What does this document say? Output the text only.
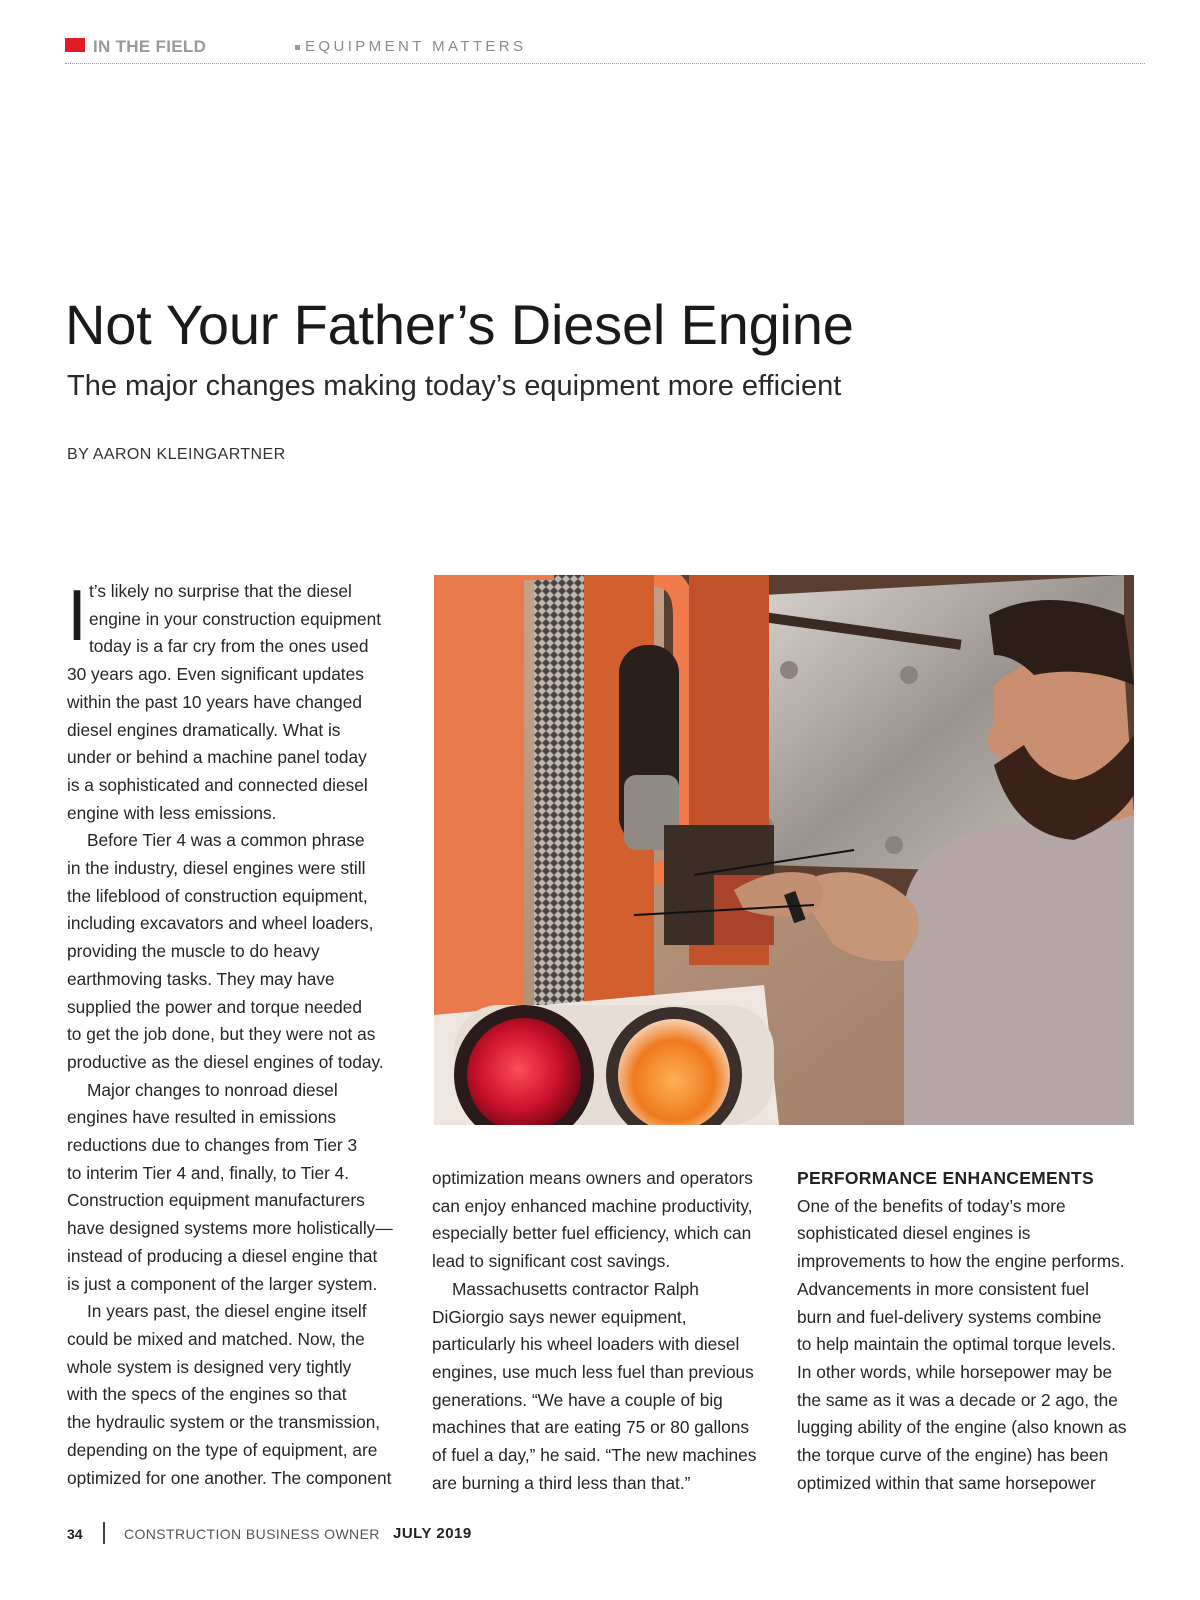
IN THE FIELD	EQUIPMENT MATTERS
Not Your Father’s Diesel Engine
The major changes making today’s equipment more efficient
BY AARON KLEINGARTNER
I t’s likely no surprise that the diesel
engine in your construction equipment
today is a far cry from the ones used
30 years ago. Even significant updates
within the past 10 years have changed
diesel engines dramatically. What is
under or behind a machine panel today
is a sophisticated and connected diesel
engine with less emissions.
Before Tier 4 was a common phrase
in the industry, diesel engines were still
the lifeblood of construction equipment,
including excavators and wheel loaders,
providing the muscle to do heavy
earthmoving tasks. They may have
supplied the power and torque needed
to get the job done, but they were not as
productive as the diesel engines of today.
Major changes to nonroad diesel
engines have resulted in emissions
reductions due to changes from Tier 3
to interim Tier 4 and, finally, to Tier 4.
Construction equipment manufacturers
have designed systems more holistically—
instead of producing a diesel engine that
is just a component of the larger system.
In years past, the diesel engine itself
could be mixed and matched. Now, the
whole system is designed very tightly
with the specs of the engines so that
the hydraulic system or the transmission,
depending on the type of equipment, are
optimized for one another. The component
optimization means owners and operators
can enjoy enhanced machine productivity,
especially better fuel efficiency, which can
lead to significant cost savings.
Massachusetts contractor Ralph
DiGiorgio says newer equipment,
particularly his wheel loaders with diesel
engines, use much less fuel than previous
generations. “We have a couple of big
machines that are eating 75 or 80 gallons
of fuel a day,” he said. “The new machines
are burning a third less than that.”
PERFORMANCE ENHANCEMENTS
One of the benefits of today’s more
sophisticated diesel engines is
improvements to how the engine performs.
Advancements in more consistent fuel
burn and fuel-delivery systems combine
to help maintain the optimal torque levels.
In other words, while horsepower may be
the same as it was a decade or 2 ago, the
lugging ability of the engine (also known as
the torque curve of the engine) has been
optimized within that same horsepower
34	CONSTRUCTION BUSINESS OWNER JULY 2019
